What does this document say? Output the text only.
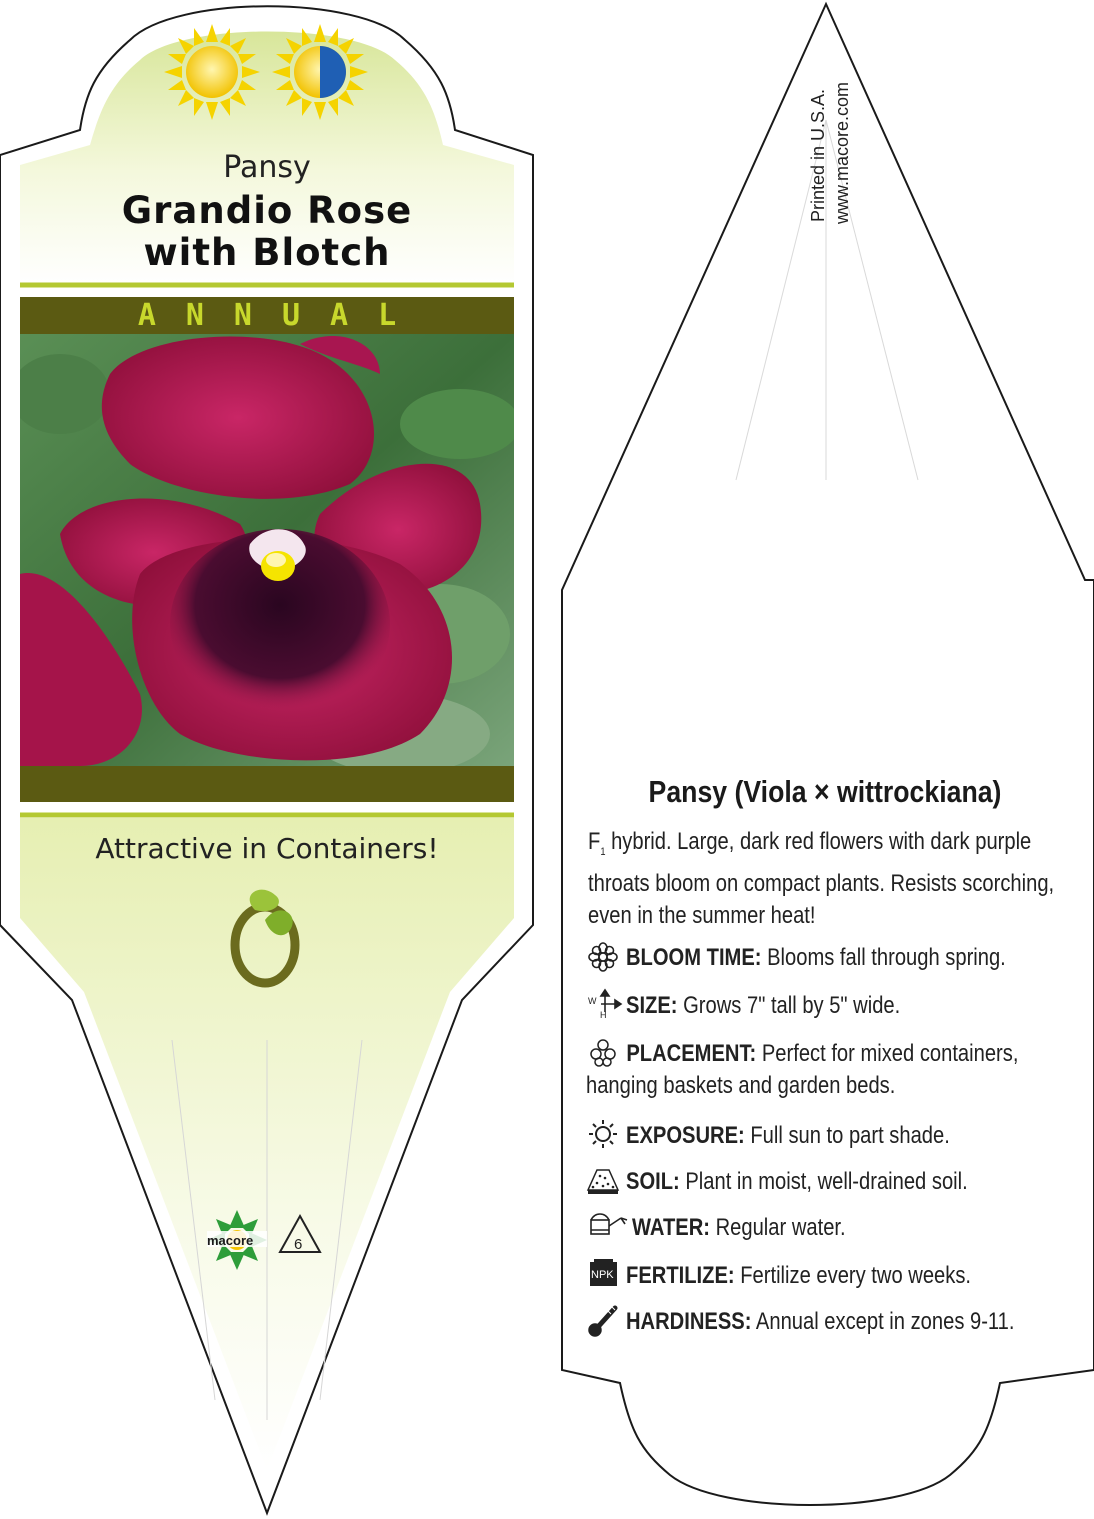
Pansy
Grandio Rose
with Blotch
ANNUAL
Attractive in Containers!
macore	6
Printed in U.S.A. www.macore.com
Pansy (Viola × wittrockiana)
$F_1$ hybrid. Large, dark red flowers with dark purple throats bloom on compact plants. Resists scorching, even in the summer heat!
BLOOM TIME: Blooms fall through spring.
SIZE: Grows 7" tall by 5" wide.
W
H
PLACEMENT: Perfect for mixed containers, hanging baskets and garden beds.
EXPOSURE: Full sun to part shade.
SOIL: Plant in moist, well-drained soil.
WATER: Regular water.
FERTILIZE: Fertilize every two weeks.
NPK
HARDINESS: Annual except in zones 9-11.
